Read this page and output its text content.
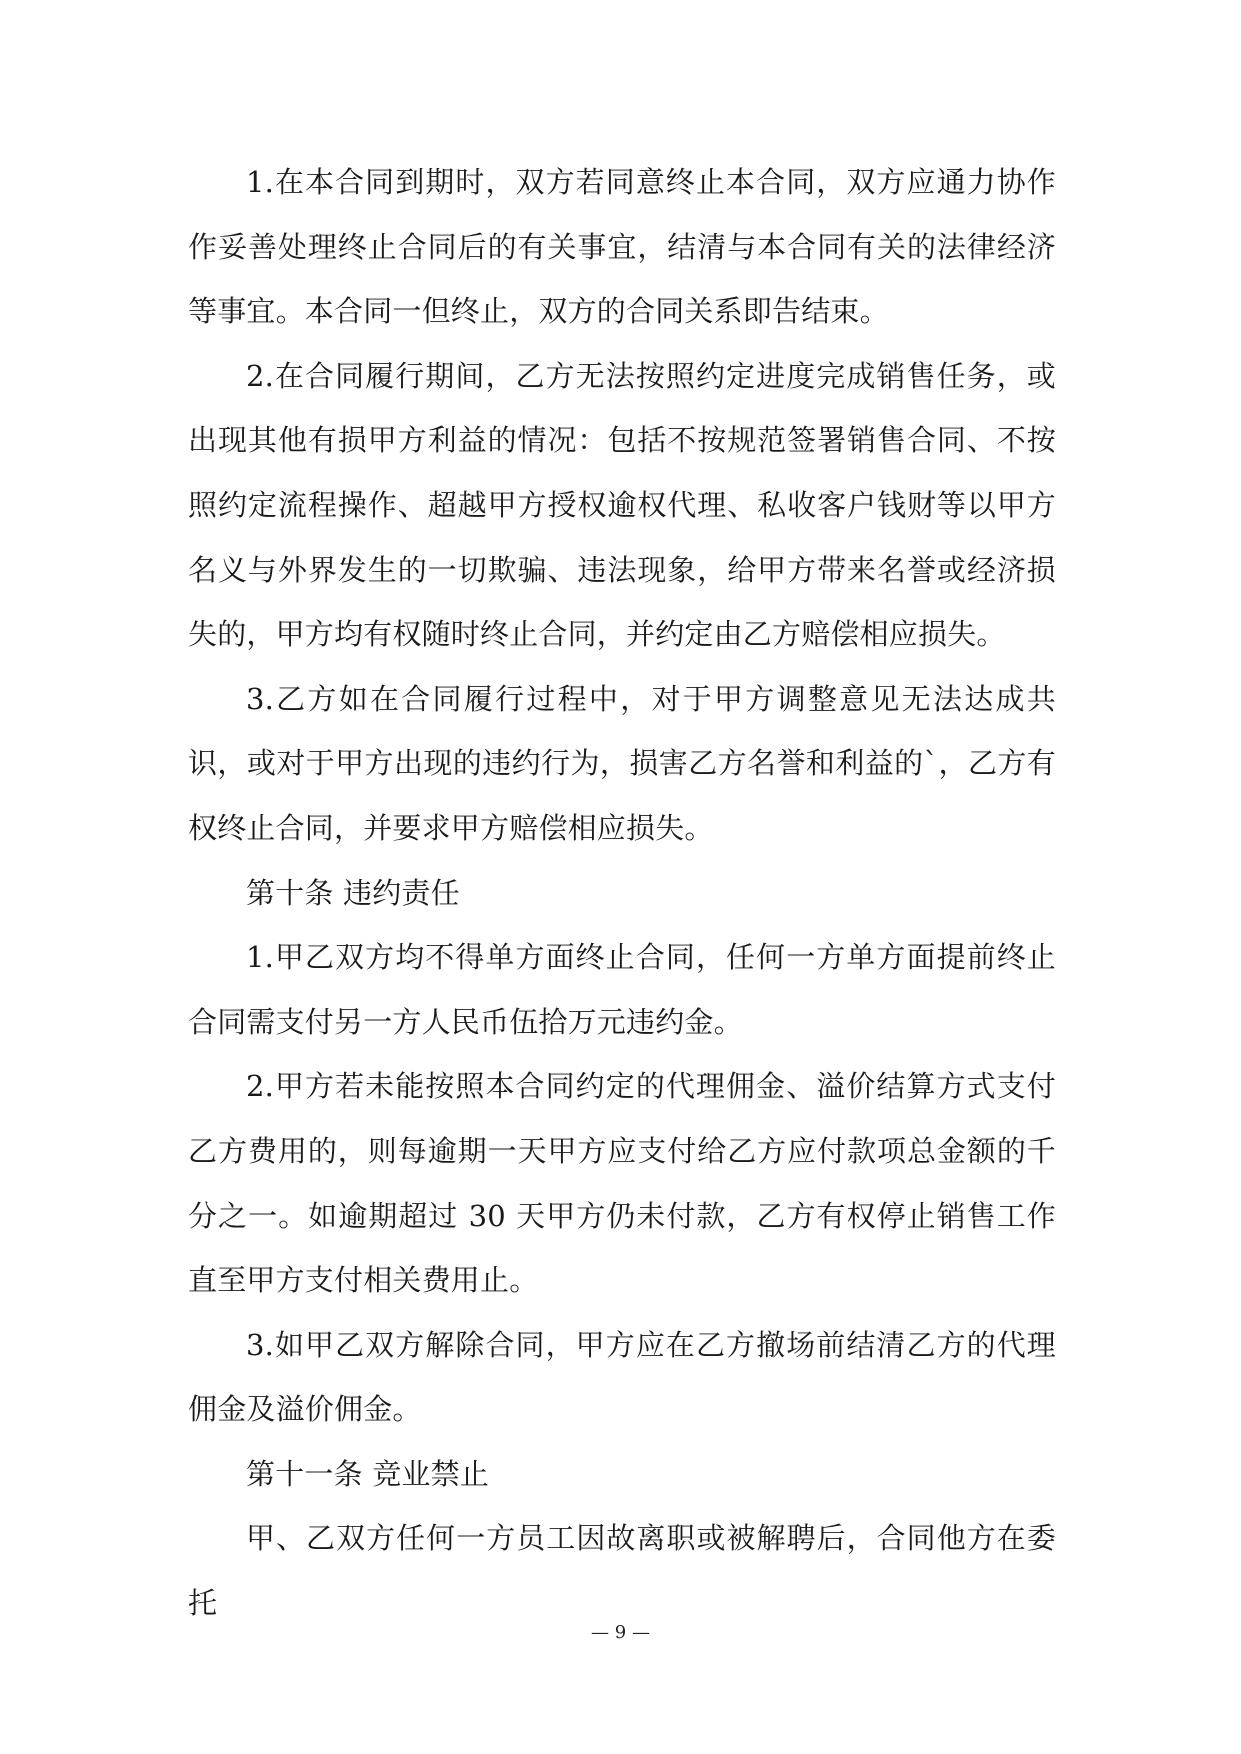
1.在本合同到期时，双方若同意终止本合同，双方应通力协作作妥善处理终止合同后的有关事宜，结清与本合同有关的法律经济等事宜。本合同一但终止，双方的合同关系即告结束。

2.在合同履行期间，乙方无法按照约定进度完成销售任务，或出现其他有损甲方利益的情况：包括不按规范签署销售合同、不按照约定流程操作、超越甲方授权逾权代理、私收客户钱财等以甲方名义与外界发生的一切欺骗、违法现象，给甲方带来名誉或经济损失的，甲方均有权随时终止合同，并约定由乙方赔偿相应损失。

3.乙方如在合同履行过程中，对于甲方调整意见无法达成共识，或对于甲方出现的违约行为，损害乙方名誉和利益的`，乙方有权终止合同，并要求甲方赔偿相应损失。

第十条 违约责任

1.甲乙双方均不得单方面终止合同，任何一方单方面提前终止合同需支付另一方人民币伍拾万元违约金。

2.甲方若未能按照本合同约定的代理佣金、溢价结算方式支付乙方费用的，则每逾期一天甲方应支付给乙方应付款项总金额的千分之一。如逾期超过 30 天甲方仍未付款，乙方有权停止销售工作直至甲方支付相关费用止。

3.如甲乙双方解除合同，甲方应在乙方撤场前结清乙方的代理佣金及溢价佣金。

第十一条 竞业禁止

甲、乙双方任何一方员工因故离职或被解聘后，合同他方在委托

— 9 —
